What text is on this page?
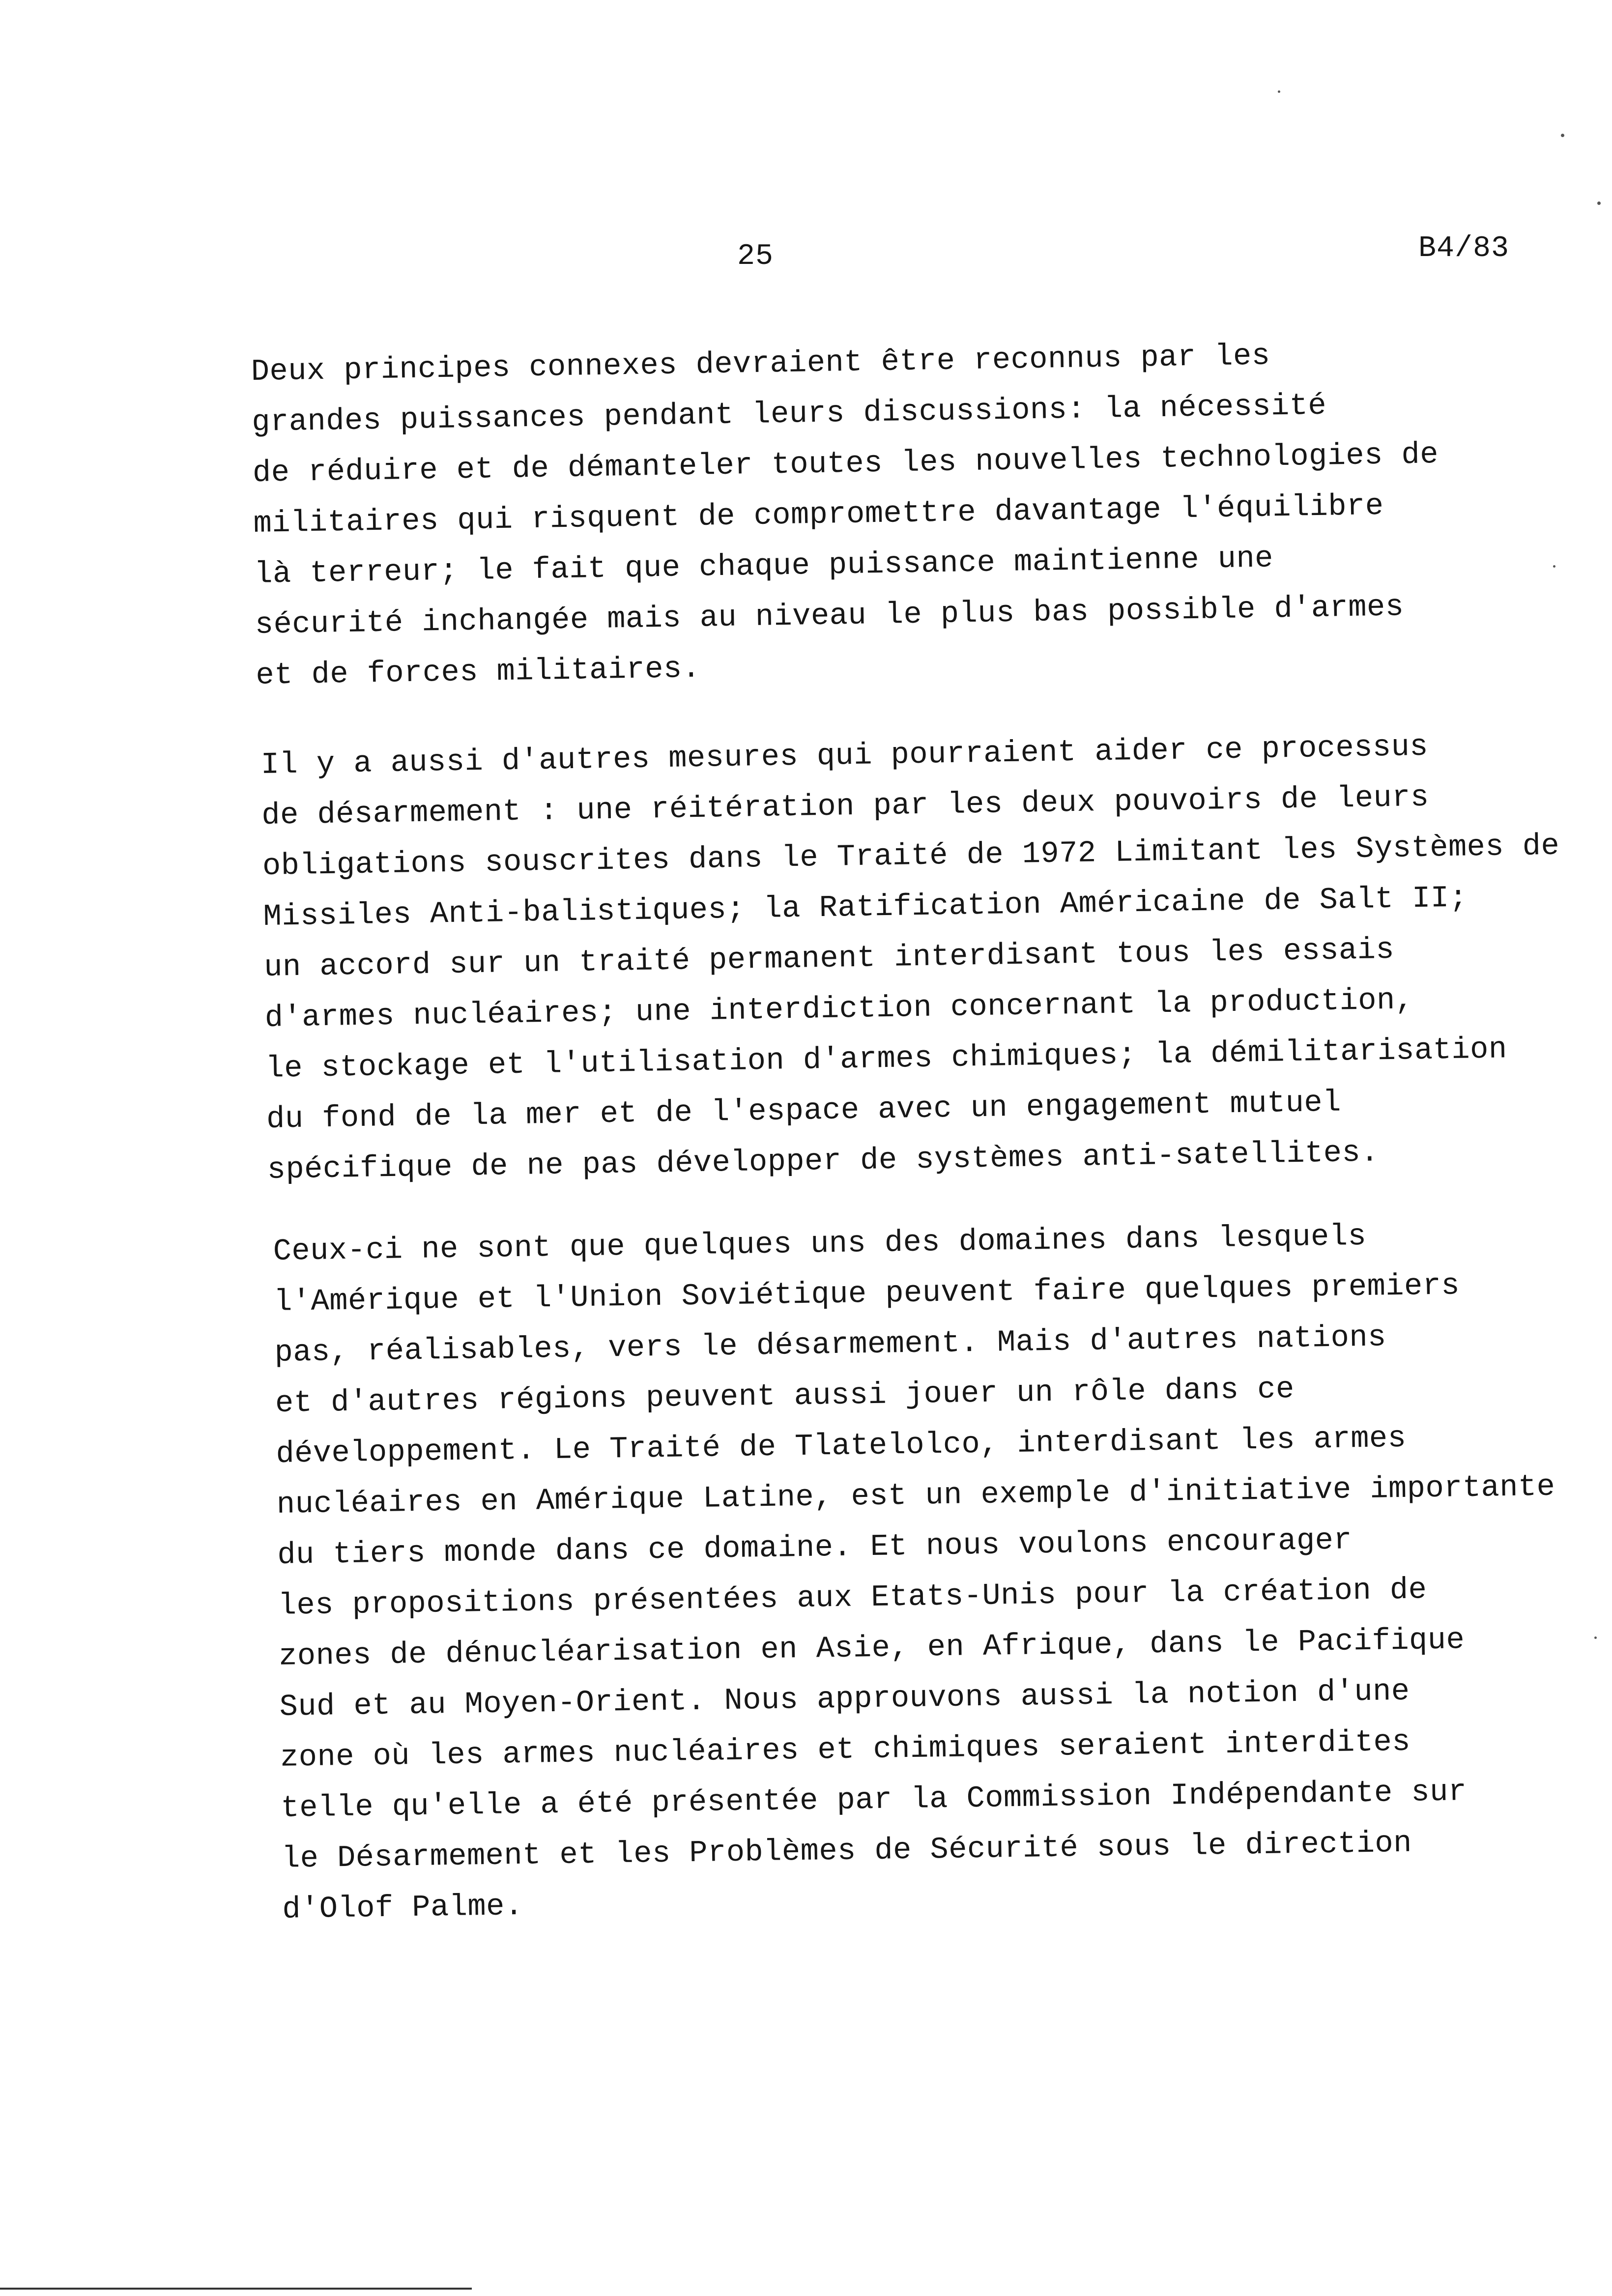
25	B4/83
Deux principes connexes devraient être reconnus par les
grandes puissances pendant leurs discussions: la nécessité
de réduire et de démanteler toutes les nouvelles technologies de
militaires qui risquent de compromettre davantage l'équilibre
là terreur; le fait que chaque puissance maintienne une
sécurité inchangée mais au niveau le plus bas possible d'armes
et de forces militaires.
Il y a aussi d'autres mesures qui pourraient aider ce processus
de désarmement : une réitération par les deux pouvoirs de leurs
obligations souscrites dans le Traité de 1972 Limitant les Systèmes de
Missiles Anti-balistiques; la Ratification Américaine de Salt II;
un accord sur un traité permanent interdisant tous les essais
d'armes nucléaires; une interdiction concernant la production,
le stockage et l'utilisation d'armes chimiques; la démilitarisation
du fond de la mer et de l'espace avec un engagement mutuel
spécifique de ne pas développer de systèmes anti-satellites.
Ceux-ci ne sont que quelques uns des domaines dans lesquels
l'Amérique et l'Union Soviétique peuvent faire quelques premiers
pas, réalisables, vers le désarmement. Mais d'autres nations
et d'autres régions peuvent aussi jouer un rôle dans ce
développement. Le Traité de Tlatelolco, interdisant les armes
nucléaires en Amérique Latine, est un exemple d'initiative importante
du tiers monde dans ce domaine. Et nous voulons encourager
les propositions présentées aux Etats-Unis pour la création de
zones de dénucléarisation en Asie, en Afrique, dans le Pacifique
Sud et au Moyen-Orient. Nous approuvons aussi la notion d'une
zone où les armes nucléaires et chimiques seraient interdites
telle qu'elle a été présentée par la Commission Indépendante sur
le Désarmement et les Problèmes de Sécurité sous le direction
d'Olof Palme.
